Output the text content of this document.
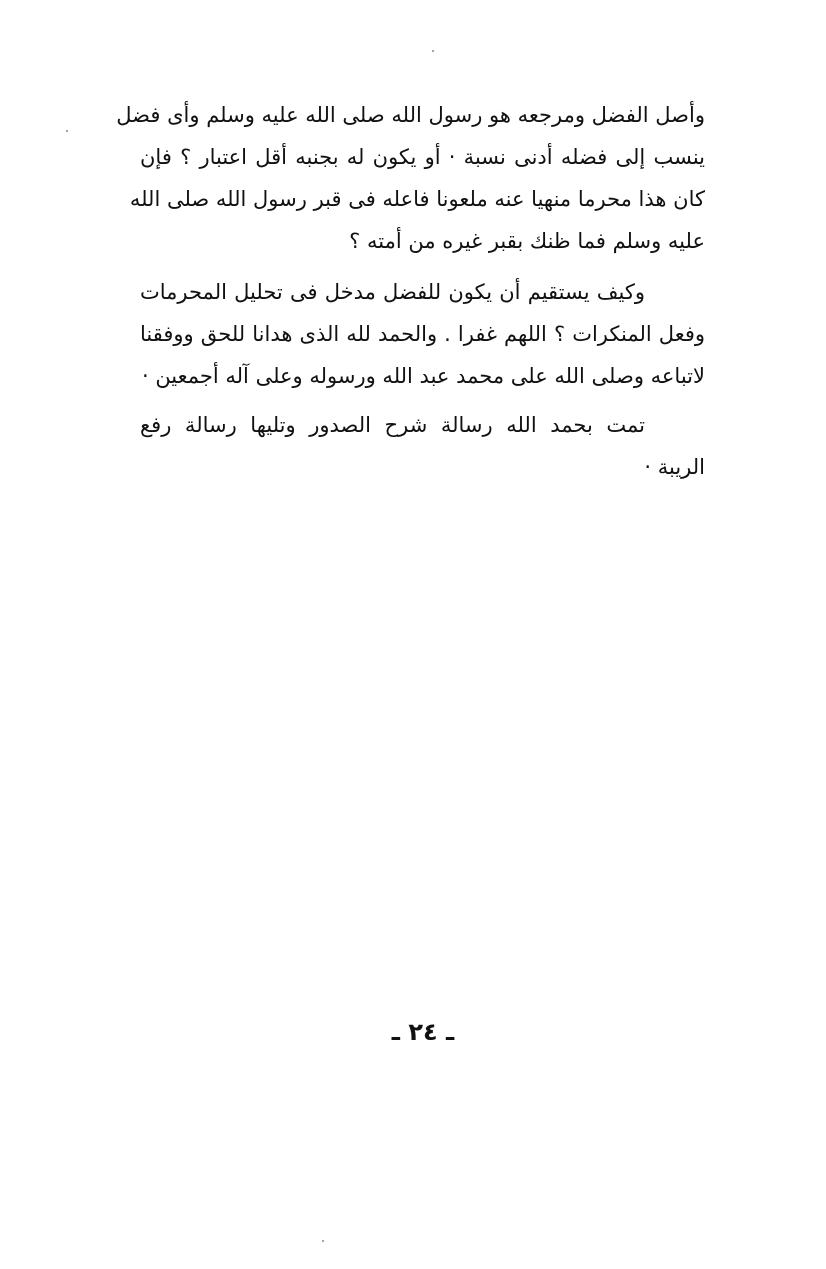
وأصل الفضل ومرجعه هو رسول الله صلى الله عليه وسلم وأى فضل
ينسب إلى فضله أدنى نسبة · أو يكون له بجنبه أقل اعتبار ؟ فإن
كان هذا محرما منهيا عنه ملعونا فاعله فى قبر رسول الله صلى الله
عليه وسلم فما ظنك بقبر غيره من أمته ؟
وكيف يستقيم أن يكون للفضل مدخل فى تحليل المحرمات
وفعل المنكرات ؟ اللهم غفرا . والحمد لله الذى هدانا للحق ووفقنا
لاتباعه وصلى الله على محمد عبد الله ورسوله وعلى آله أجمعين ·
تمت بحمد الله رسالة شرح الصدور وتليها رسالة رفع
الريبة ·
ـ ٢٤ ـ
